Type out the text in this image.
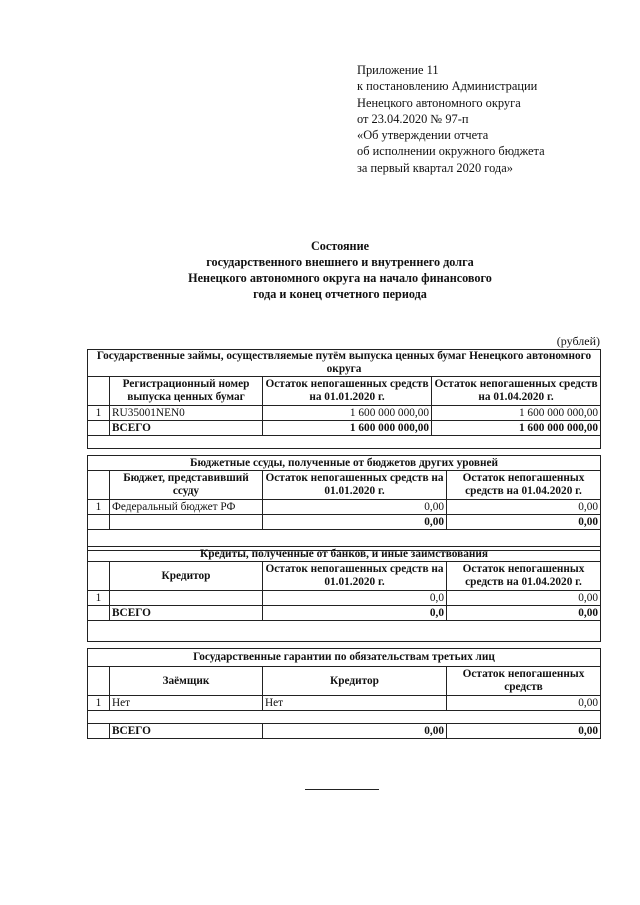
Приложение 11
к постановлению Администрации
Ненецкого автономного округа
от 23.04.2020 № 97-п
«Об утверждении отчета
об исполнении окружного бюджета
за первый квартал 2020 года»
Состояние
государственного внешнего и внутреннего долга
Ненецкого автономного округа на начало финансового
года и конец отчетного периода
(рублей)
Государственные займы, осуществляемые путём выпуска ценных бумаг Ненецкого автономного округа			
	Регистрационный номер выпуска ценных бумаг	Остаток непогашенных средств на 01.01.2020 г.	Остаток непогашенных средств на 01.04.2020 г.
1	RU35001NEN0	1 600 000 000,00	1 600 000 000,00
	ВСЕГО	1 600 000 000,00	1 600 000 000,00

Бюджетные ссуды, полученные от бюджетов других уровней			
	Бюджет, представивший ссуду	Остаток непогашенных средств на 01.01.2020 г.	Остаток непогашенных средств на 01.04.2020 г.
1	Федеральный бюджет РФ	0,00	0,00
		0,00	0,00

Кредиты, полученные от банков, и иные заимствования			
	Кредитор	Остаток непогашенных средств на 01.01.2020 г.	Остаток непогашенных средств на 01.04.2020 г.
1		0,0	0,00
	ВСЕГО	0,0	0,00

Государственные гарантии по обязательствам третьих лиц			
	Заёмщик	Кредитор	Остаток непогашенных средств
1	Нет	Нет	0,00

	ВСЕГО	0,00	0,00
